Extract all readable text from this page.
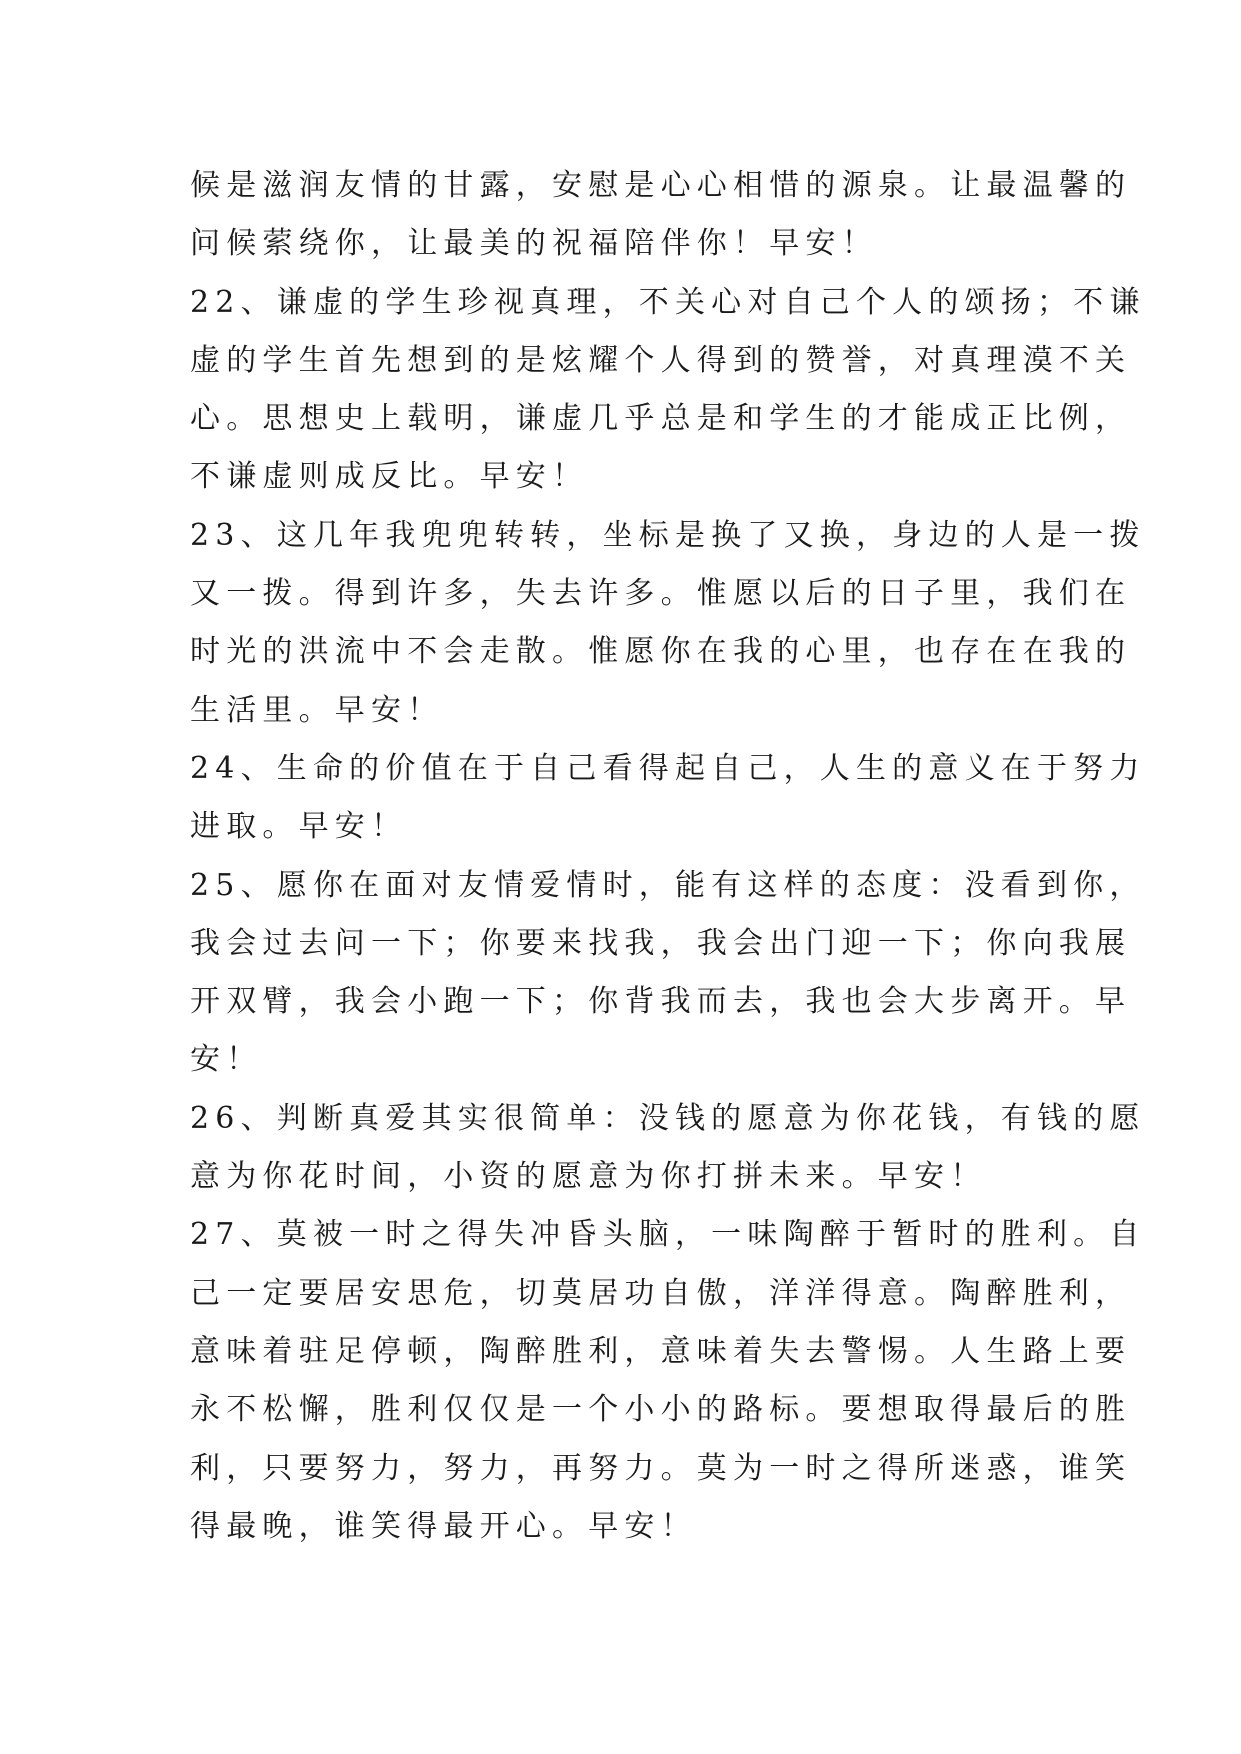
候是滋润友情的甘露，安慰是心心相惜的源泉。让最温馨的
问候萦绕你，让最美的祝福陪伴你！早安！
22、谦虚的学生珍视真理，不关心对自己个人的颂扬；不谦
虚的学生首先想到的是炫耀个人得到的赞誉，对真理漠不关
心。思想史上载明，谦虚几乎总是和学生的才能成正比例，
不谦虚则成反比。早安！
23、这几年我兜兜转转，坐标是换了又换，身边的人是一拨
又一拨。得到许多，失去许多。惟愿以后的日子里，我们在
时光的洪流中不会走散。惟愿你在我的心里，也存在在我的
生活里。早安！
24、生命的价值在于自己看得起自己，人生的意义在于努力
进取。早安！
25、愿你在面对友情爱情时，能有这样的态度：没看到你，
我会过去问一下；你要来找我，我会出门迎一下；你向我展
开双臂，我会小跑一下；你背我而去，我也会大步离开。早
安！
26、判断真爱其实很简单：没钱的愿意为你花钱，有钱的愿
意为你花时间，小资的愿意为你打拼未来。早安！
27、莫被一时之得失冲昏头脑，一味陶醉于暂时的胜利。自
己一定要居安思危，切莫居功自傲，洋洋得意。陶醉胜利，
意味着驻足停顿，陶醉胜利，意味着失去警惕。人生路上要
永不松懈，胜利仅仅是一个小小的路标。要想取得最后的胜
利，只要努力，努力，再努力。莫为一时之得所迷惑，谁笑
得最晚，谁笑得最开心。早安！
